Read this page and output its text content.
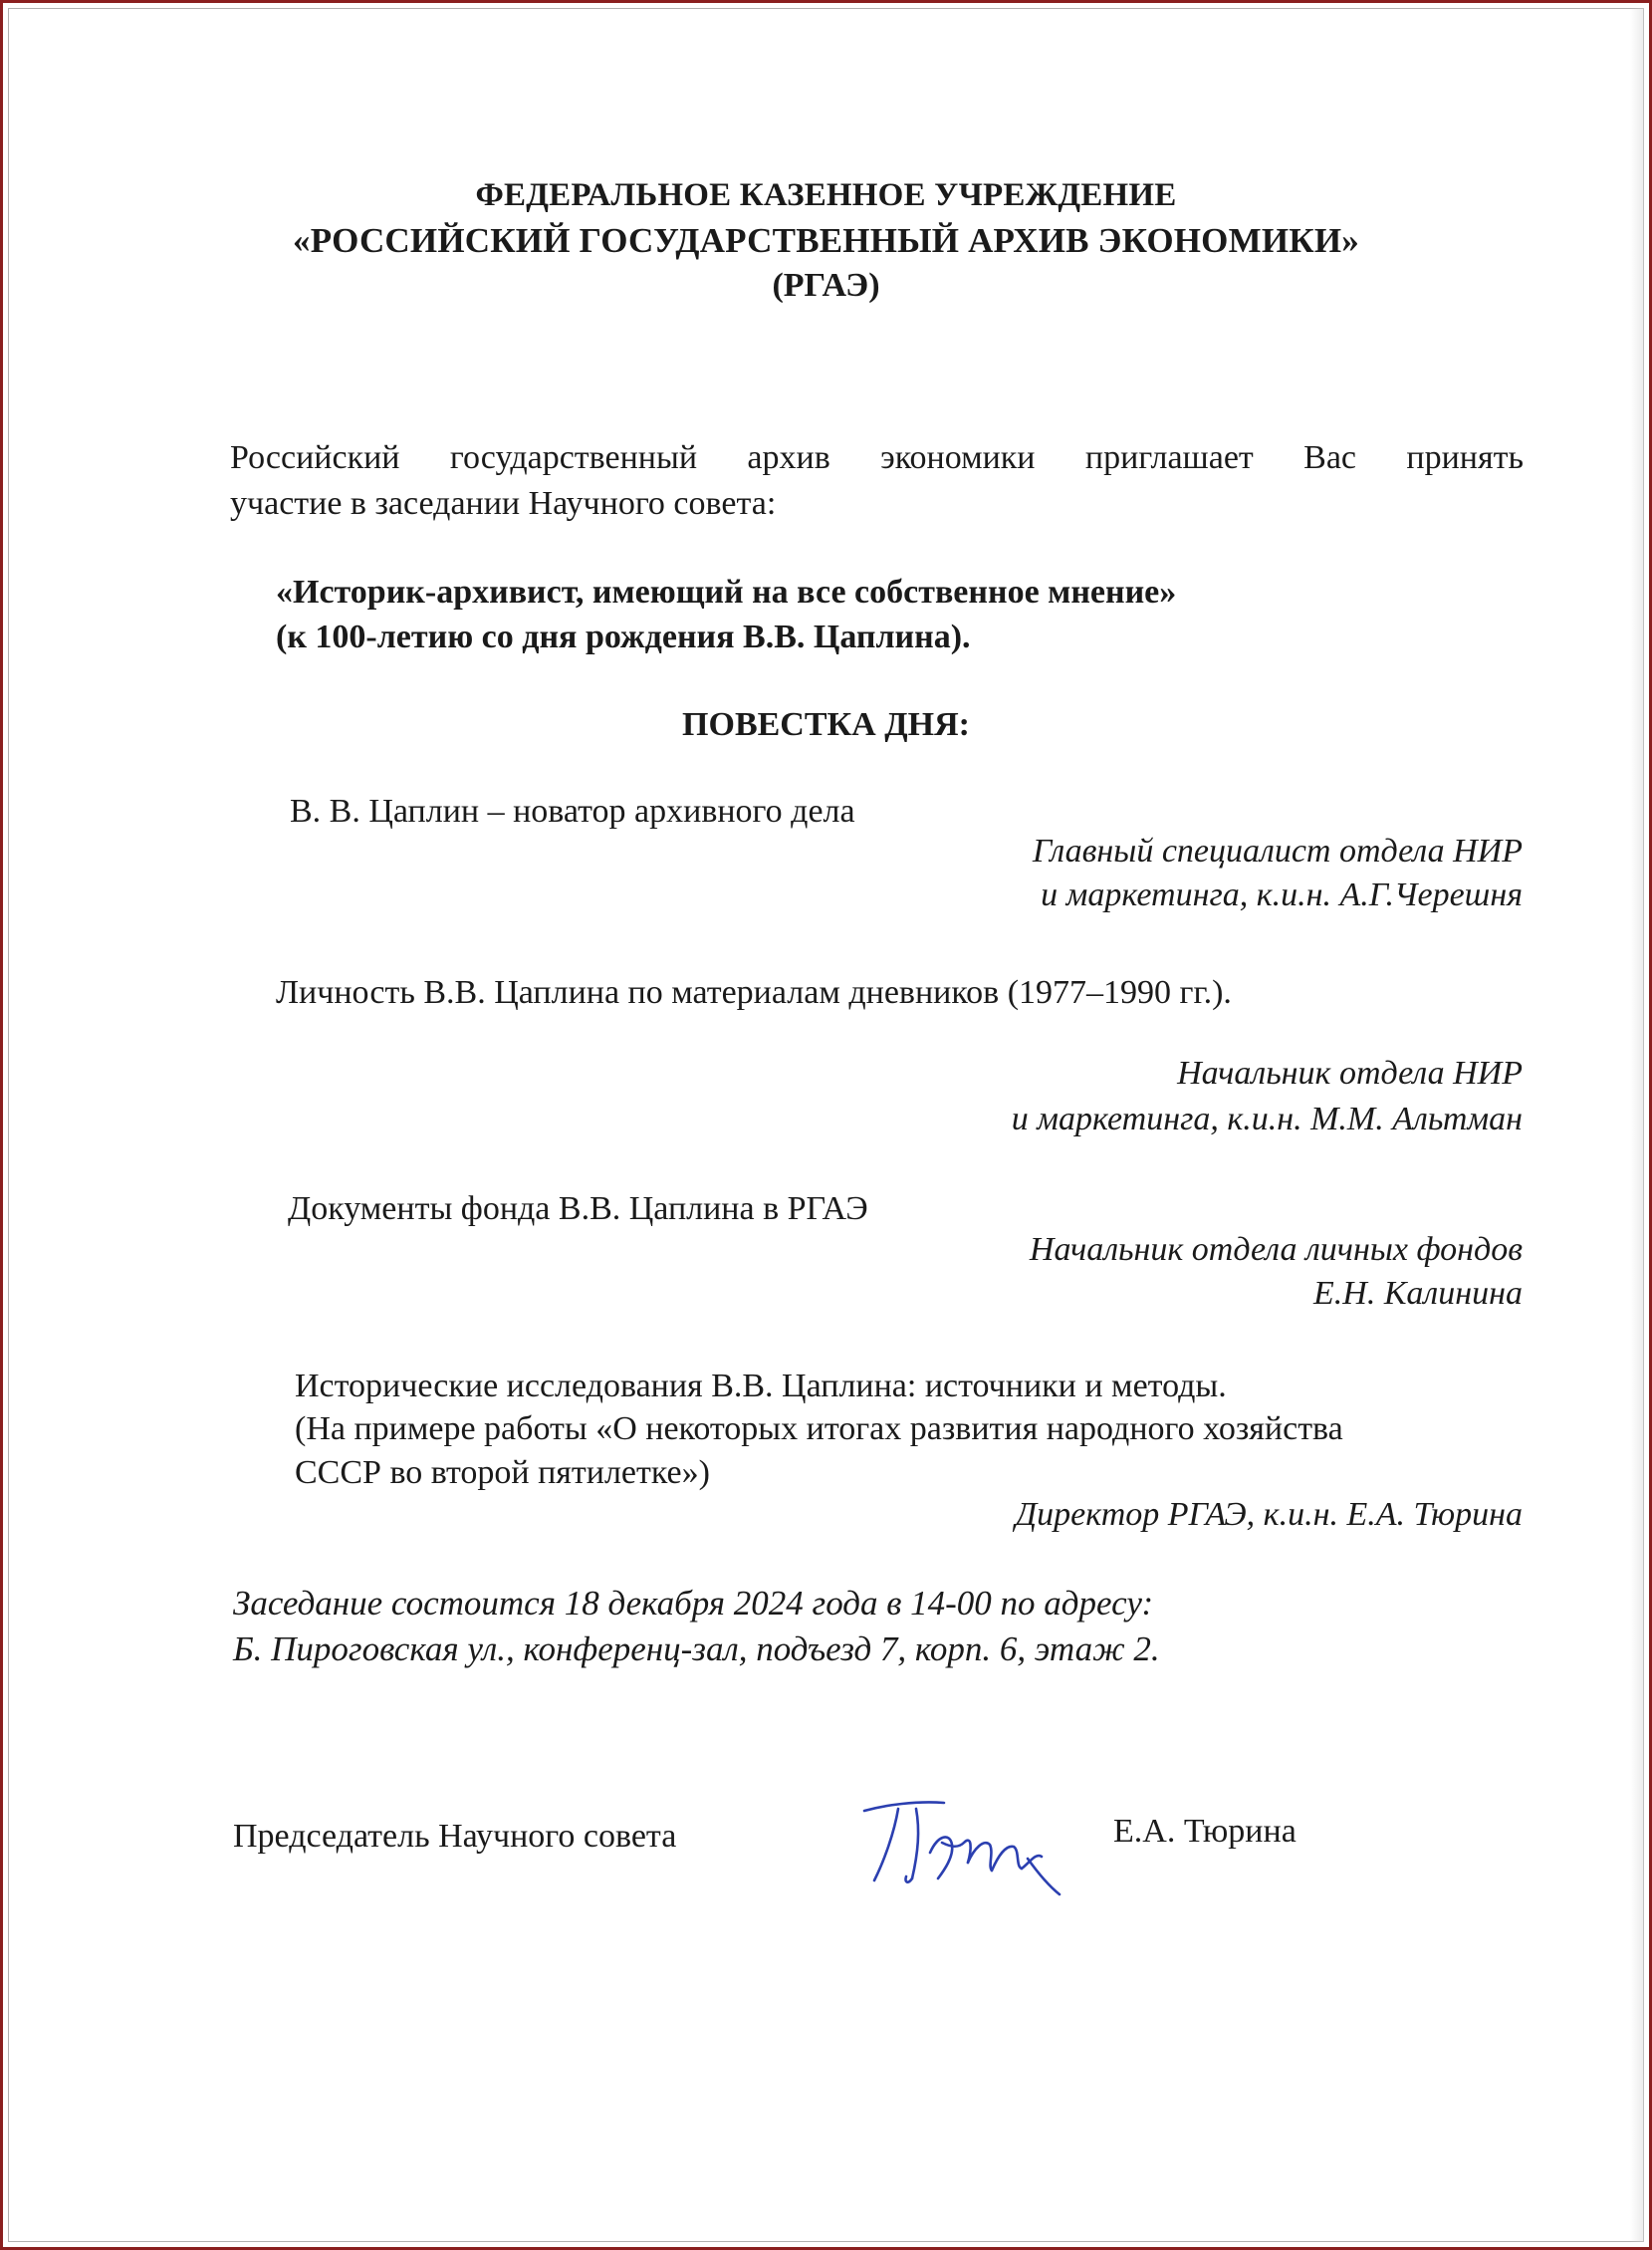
ФЕДЕРАЛЬНОЕ КАЗЕННОЕ УЧРЕЖДЕНИЕ
«РОССИЙСКИЙ ГОСУДАРСТВЕННЫЙ АРХИВ ЭКОНОМИКИ»
(РГАЭ)
Российский государственный архив экономики приглашает Вас принять
участие в заседании Научного совета:
«Историк-архивист, имеющий на все собственное мнение»
(к 100-летию со дня рождения В.В. Цаплина).
ПОВЕСТКА ДНЯ:
В. В. Цаплин – новатор архивного дела
Главный специалист отдела НИР
и маркетинга, к.и.н. А.Г.Черешня
Личность В.В. Цаплина по материалам дневников (1977–1990 гг.).
Начальник отдела НИР
и маркетинга, к.и.н. М.М. Альтман
Документы фонда В.В. Цаплина в РГАЭ
Начальник отдела личных фондов
Е.Н. Калинина
Исторические исследования В.В. Цаплина: источники и методы.
(На примере работы «О некоторых итогах развития народного хозяйства
СССР во второй пятилетке»)
Директор РГАЭ, к.и.н. Е.А. Тюрина
Заседание состоится 18 декабря 2024 года в 14-00 по адресу:
Б. Пироговская ул., конференц-зал, подъезд 7, корп. 6, этаж 2.
Председатель Научного совета	Е.А. Тюрина
